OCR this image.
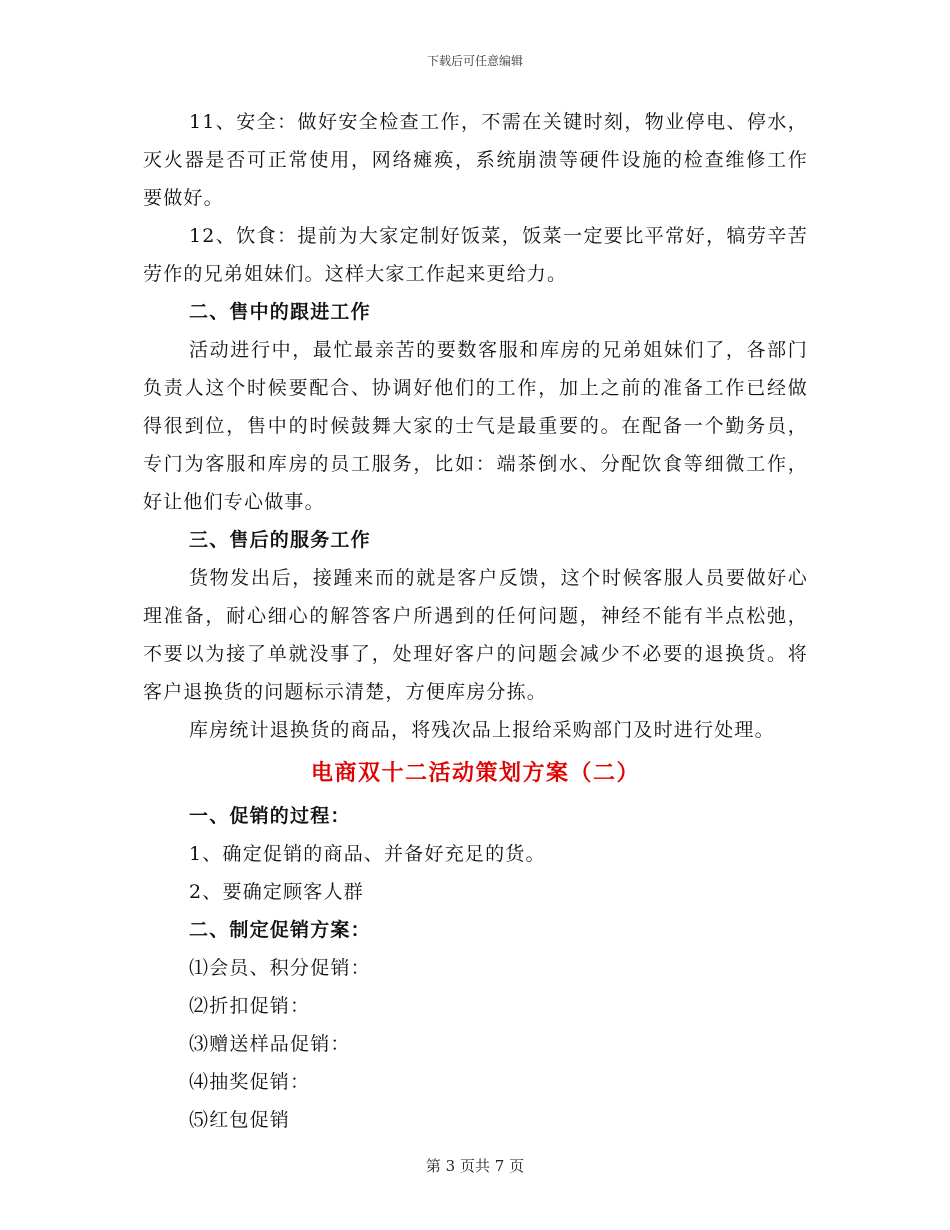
下载后可任意编辑

11、安全：做好安全检查工作，不需在关键时刻，物业停电、停水，灭火器是否可正常使用，网络瘫痪，系统崩溃等硬件设施的检查维修工作要做好。

12、饮食：提前为大家定制好饭菜，饭菜一定要比平常好，犒劳辛苦劳作的兄弟姐妹们。这样大家工作起来更给力。

二、售中的跟进工作

活动进行中，最忙最亲苦的要数客服和库房的兄弟姐妹们了，各部门负责人这个时候要配合、协调好他们的工作，加上之前的准备工作已经做得很到位，售中的时候鼓舞大家的士气是最重要的。在配备一个勤务员，专门为客服和库房的员工服务，比如：端茶倒水、分配饮食等细微工作，好让他们专心做事。

三、售后的服务工作

货物发出后，接踵来而的就是客户反馈，这个时候客服人员要做好心理准备，耐心细心的解答客户所遇到的任何问题，神经不能有半点松弛，不要以为接了单就没事了，处理好客户的问题会减少不必要的退换货。将客户退换货的问题标示清楚，方便库房分拣。

库房统计退换货的商品，将残次品上报给采购部门及时进行处理。

电商双十二活动策划方案（二）

一、促销的过程：

1、确定促销的商品、并备好充足的货。

2、要确定顾客人群

二、制定促销方案：

⑴会员、积分促销：

⑵折扣促销：

⑶赠送样品促销：

⑷抽奖促销：

⑸红包促销

第 3 页共 7 页
